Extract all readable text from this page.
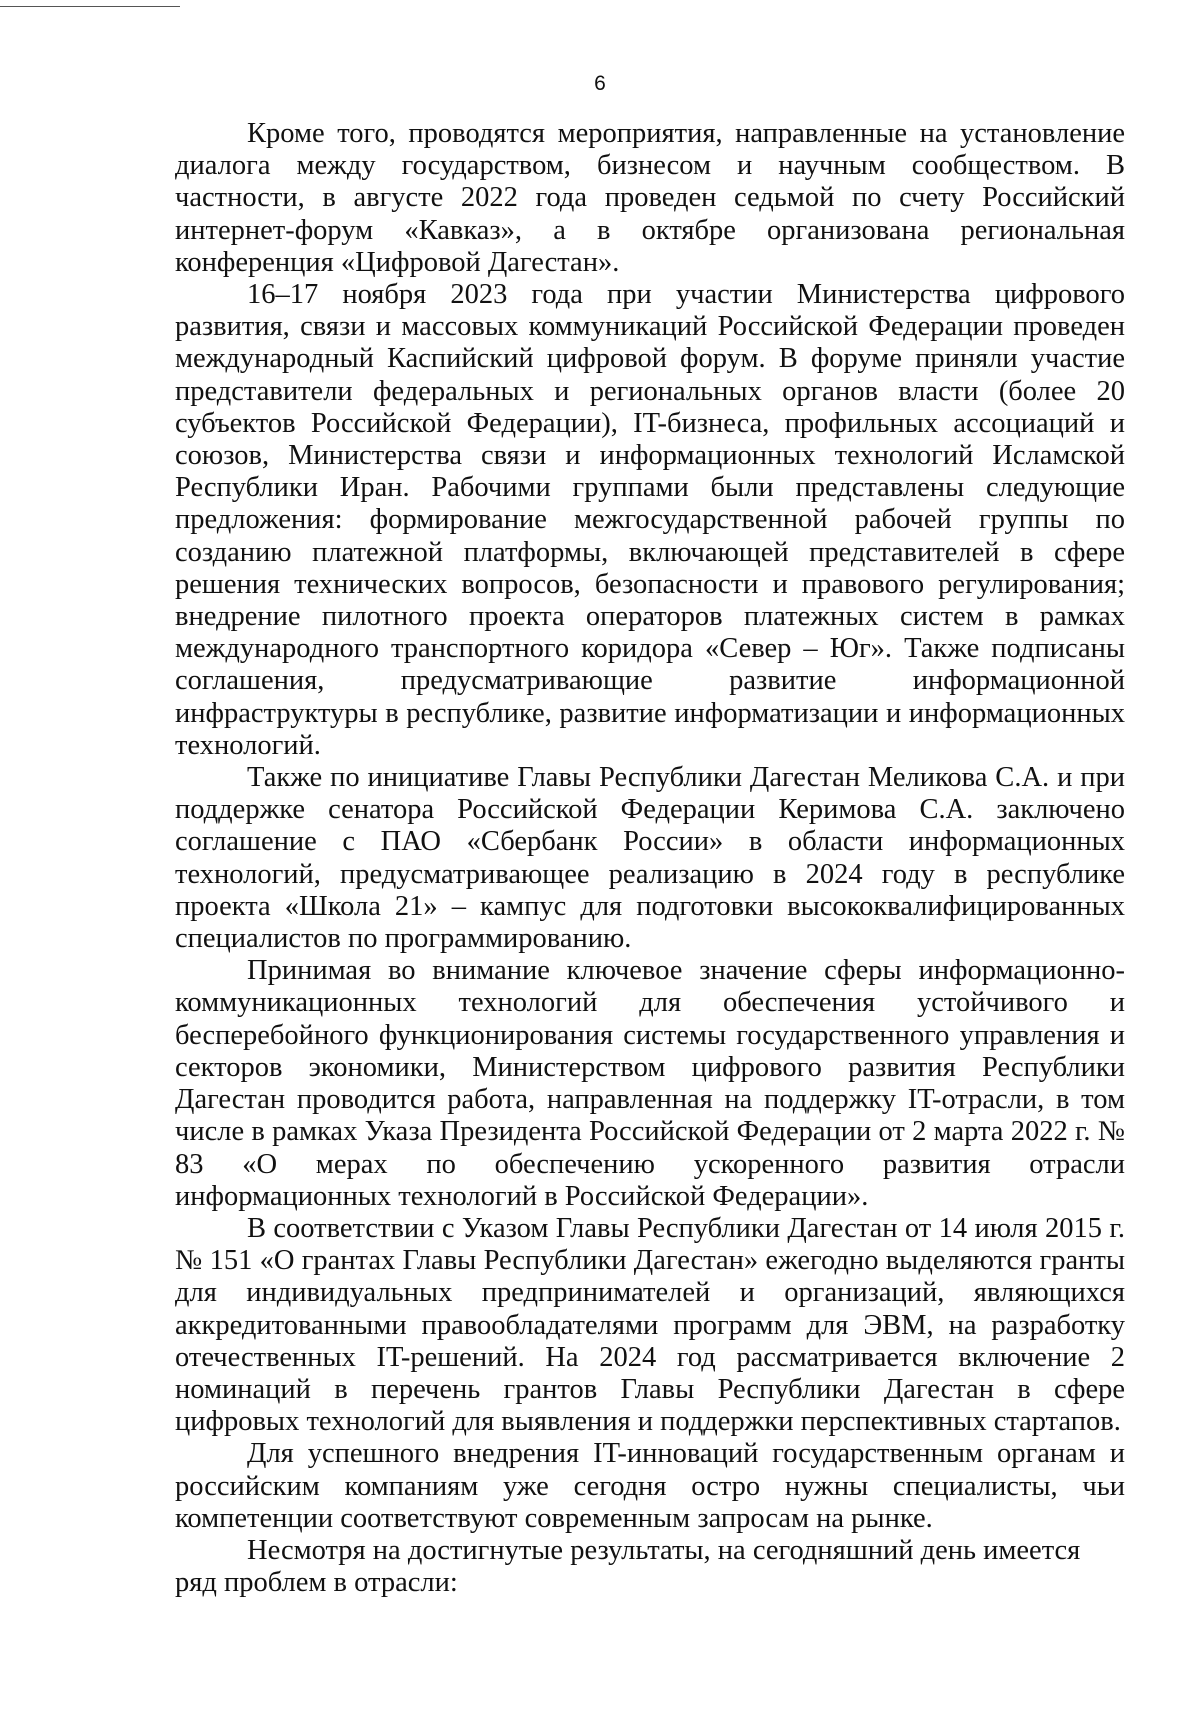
6

Кроме того, проводятся мероприятия, направленные на установление диалога между государством, бизнесом и научным сообществом. В частности, в августе 2022 года проведен седьмой по счету Российский интернет-форум «Кавказ», а в октябре организована региональная конференция «Цифровой Дагестан».

16–17 ноября 2023 года при участии Министерства цифрового развития, связи и массовых коммуникаций Российской Федерации проведен международный Каспийский цифровой форум. В форуме приняли участие представители федеральных и региональных органов власти (более 20 субъектов Российской Федерации), IT-бизнеса, профильных ассоциаций и союзов, Министерства связи и информационных технологий Исламской Республики Иран. Рабочими группами были представлены следующие предложения: формирование межгосударственной рабочей группы по созданию платежной платформы, включающей представителей в сфере решения технических вопросов, безопасности и правового регулирования; внедрение пилотного проекта операторов платежных систем в рамках международного транспортного коридора «Север – Юг». Также подписаны соглашения, предусматривающие развитие информационной инфраструктуры в республике, развитие информатизации и информационных технологий.

Также по инициативе Главы Республики Дагестан Меликова С.А. и при поддержке сенатора Российской Федерации Керимова С.А. заключено соглашение с ПАО «Сбербанк России» в области информационных технологий, предусматривающее реализацию в 2024 году в республике проекта «Школа 21» – кампус для подготовки высококвалифицированных специалистов по программированию.

Принимая во внимание ключевое значение сферы информационно-коммуникационных технологий для обеспечения устойчивого и бесперебойного функционирования системы государственного управления и секторов экономики, Министерством цифрового развития Республики Дагестан проводится работа, направленная на поддержку IT-отрасли, в том числе в рамках Указа Президента Российской Федерации от 2 марта 2022 г. № 83 «О мерах по обеспечению ускоренного развития отрасли информационных технологий в Российской Федерации».

В соответствии с Указом Главы Республики Дагестан от 14 июля 2015 г. № 151 «О грантах Главы Республики Дагестан» ежегодно выделяются гранты для индивидуальных предпринимателей и организаций, являющихся аккредитованными правообладателями программ для ЭВМ, на разработку отечественных IT-решений. На 2024 год рассматривается включение 2 номинаций в перечень грантов Главы Республики Дагестан в сфере цифровых технологий для выявления и поддержки перспективных стартапов.

Для успешного внедрения IT-инноваций государственным органам и российским компаниям уже сегодня остро нужны специалисты, чьи компетенции соответствуют современным запросам на рынке.

Несмотря на достигнутые результаты, на сегодняшний день имеется ряд проблем в отрасли:
